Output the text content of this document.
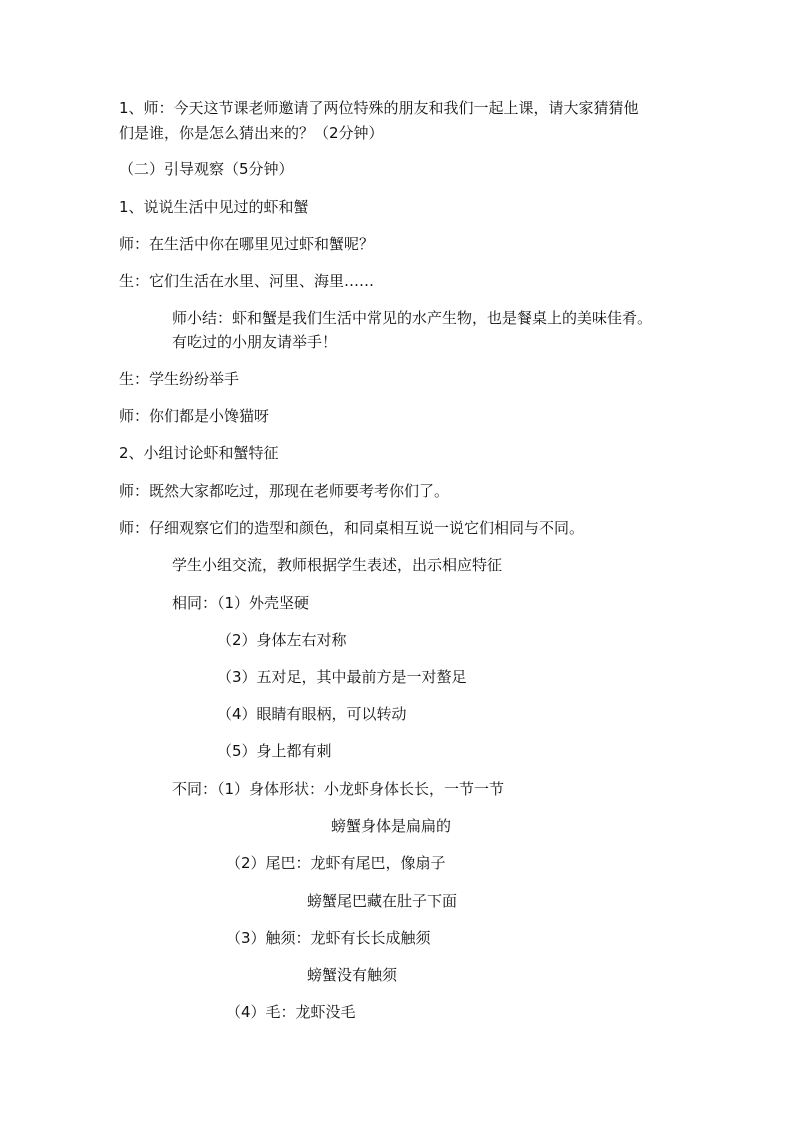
1、师：今天这节课老师邀请了两位特殊的朋友和我们一起上课，请大家猜猜他
们是谁，你是怎么猜出来的？（2分钟）
（二）引导观察（5分钟）
1、说说生活中见过的虾和蟹
师：在生活中你在哪里见过虾和蟹呢？
生：它们生活在水里、河里、海里……
师小结：虾和蟹是我们生活中常见的水产生物，也是餐桌上的美味佳肴。
有吃过的小朋友请举手！
生：学生纷纷举手
师：你们都是小馋猫呀
2、小组讨论虾和蟹特征
师：既然大家都吃过，那现在老师要考考你们了。
师：仔细观察它们的造型和颜色，和同桌相互说一说它们相同与不同。
学生小组交流，教师根据学生表述，出示相应特征
相同：（1）外壳坚硬
（2）身体左右对称
（3）五对足，其中最前方是一对螯足
（4）眼睛有眼柄，可以转动
（5）身上都有刺
不同：（1）身体形状：小龙虾身体长长，一节一节
螃蟹身体是扁扁的
（2）尾巴：龙虾有尾巴，像扇子
螃蟹尾巴藏在肚子下面
（3）触须：龙虾有长长成触须
螃蟹没有触须
（4）毛：龙虾没毛
